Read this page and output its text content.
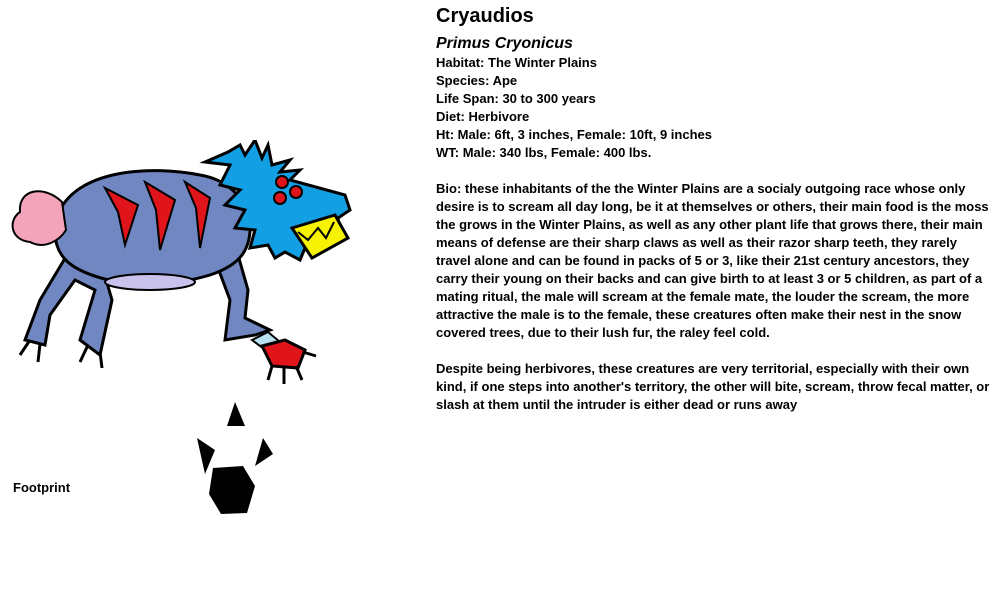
Footprint
Cryaudios
Primus Cryonicus
Habitat: The Winter Plains
Species: Ape
Life Span: 30 to 300 years
Diet: Herbivore
Ht: Male: 6ft, 3 inches, Female: 10ft, 9 inches
WT: Male: 340 lbs, Female: 400 lbs.

Bio: these inhabitants of the the Winter Plains are a socialy outgoing race whose only desire is to scream all day long, be it at themselves or others, their main food is the moss the grows in the Winter Plains, as well as any other plant life that grows there, their main means of defense are their sharp claws as well as their razor sharp teeth, they rarely travel alone and can be found in packs of 5 or 3, like their 21st century ancestors, they carry their young on their backs and can give birth to at least 3 or 5 children, as part of a mating ritual, the male will scream at the female mate, the louder the scream, the more attractive the male is to the female, these creatures often make their nest in the snow covered trees, due to their lush fur, the raley feel cold.

Despite being herbivores, these creatures are very territorial, especially with their own kind, if one steps into another's territory, the other will bite, scream, throw fecal matter, or slash at them until the intruder is either dead or runs away
